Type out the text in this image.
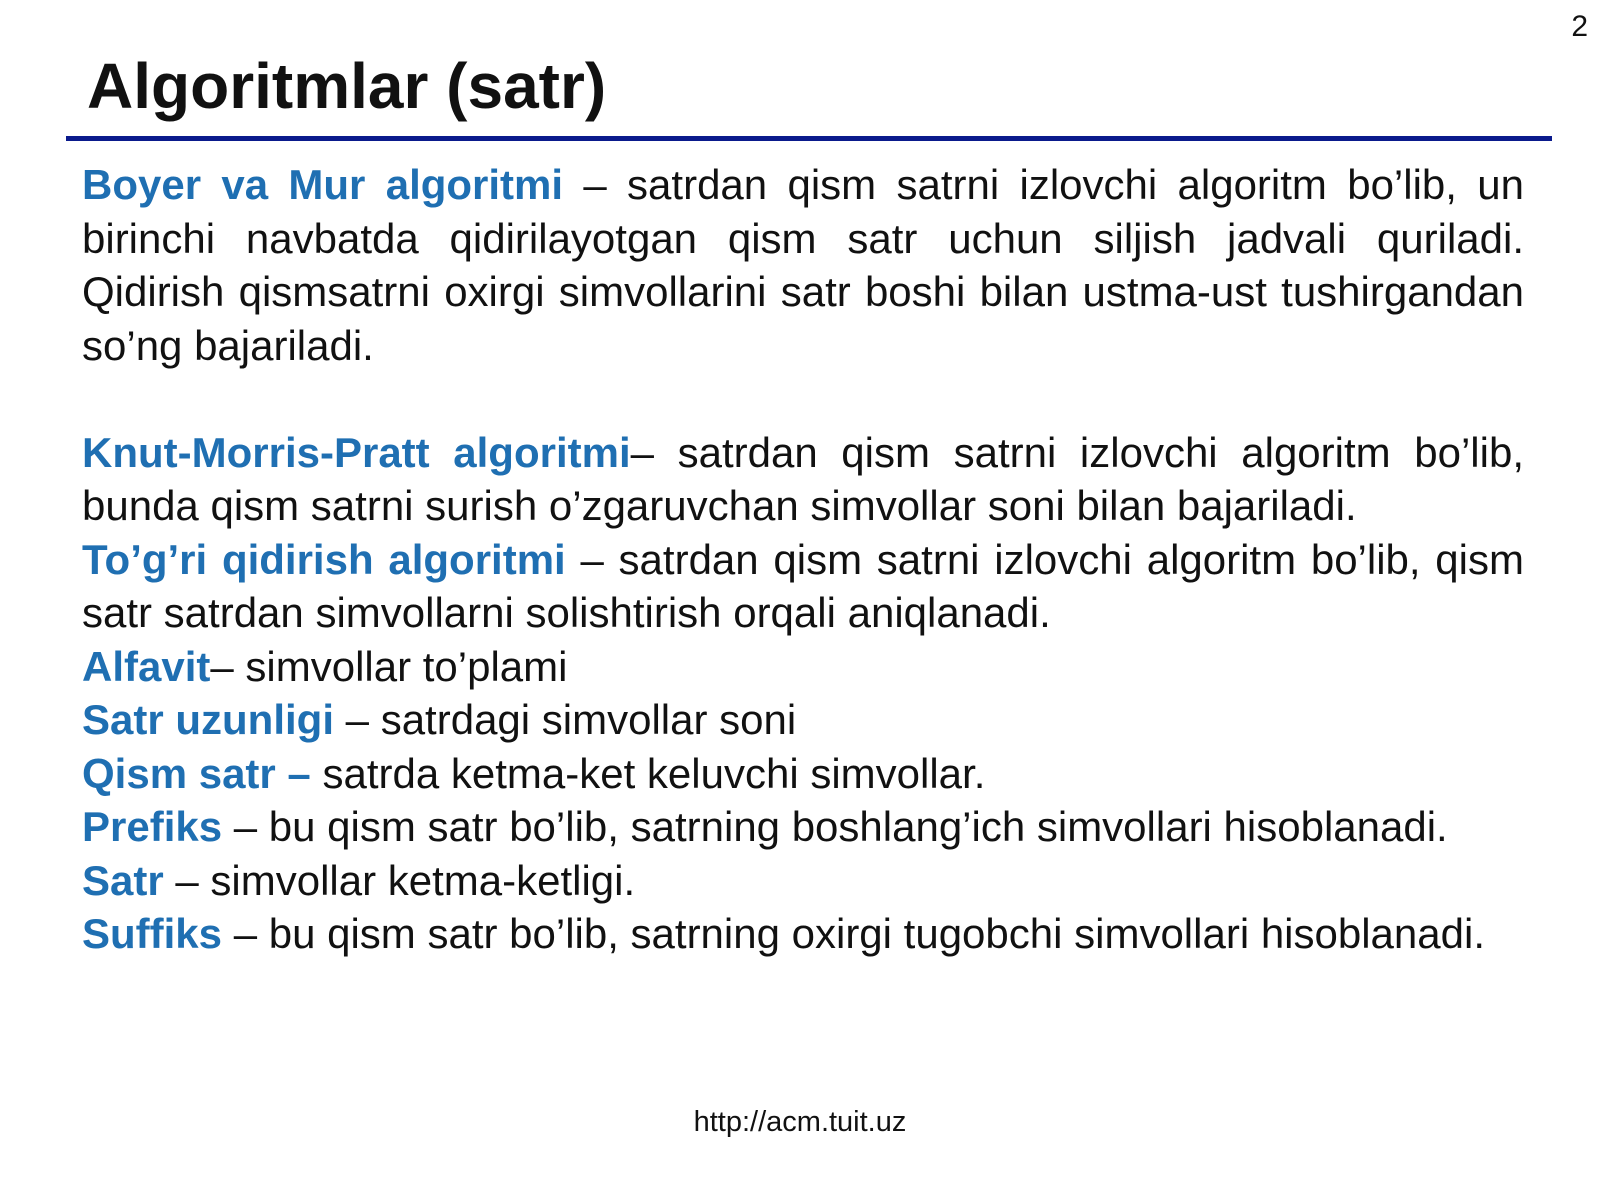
2
Algoritmlar (satr)

Boyer va Mur algoritmi – satrdan qism satrni izlovchi algoritm bo’lib, un birinchi navbatda qidirilayotgan qism satr uchun siljish jadvali quriladi. Qidirish qismsatrni oxirgi simvollarini satr boshi bilan ustma-ust tushirgandan so’ng bajariladi.

Knut-Morris-Pratt algoritmi– satrdan qism satrni izlovchi algoritm bo’lib, bunda qism satrni surish o’zgaruvchan simvollar soni bilan bajariladi.

To’g’ri qidirish algoritmi – satrdan qism satrni izlovchi algoritm bo’lib, qism satr satrdan simvollarni solishtirish orqali aniqlanadi.

Alfavit– simvollar to’plami

Satr uzunligi – satrdagi simvollar soni

Qism satr – satrda ketma-ket keluvchi simvollar.

Prefiks – bu qism satr bo’lib, satrning boshlang’ich simvollari hisoblanadi.

Satr – simvollar ketma-ketligi.

Suffiks – bu qism satr bo’lib, satrning oxirgi tugobchi simvollari hisoblanadi.

http://acm.tuit.uz
